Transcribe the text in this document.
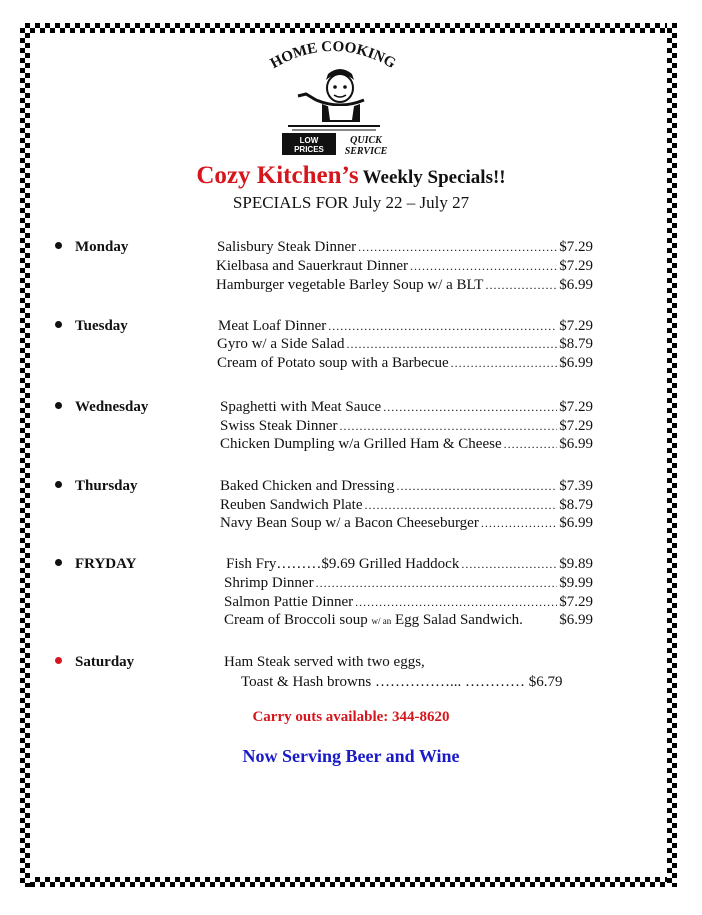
HOME COOKING
LOW
PRICES
QUICK
SERVICE
Cozy Kitchen’s Weekly Specials!!
SPECIALS FOR July 22 – July 27
Monday	Salisbury Steak Dinner .....	$7.29
Kielbasa and Sauerkraut Dinner .....	$7.29
Hamburger vegetable Barley Soup w/ a BLT .....	$6.99
Tuesday	Meat Loaf Dinner .....	$7.29
Gyro w/ a Side Salad .....	$8.79
Cream of Potato soup with a Barbecue .....	$6.99
Wednesday	Spaghetti with Meat Sauce .....	$7.29
Swiss Steak Dinner .....	$7.29
Chicken Dumpling w/a Grilled Ham & Cheese .....	$6.99
Thursday	Baked Chicken and Dressing .....	$7.39
Reuben Sandwich Plate .....	$8.79
Navy Bean Soup w/ a Bacon Cheeseburger .....	$6.99
FRYDAY	Fish Fry………$9.69 Grilled Haddock .....	$9.89
Shrimp Dinner .....	$9.99
Salmon Pattie Dinner .....	$7.29
Cream of Broccoli soup w/ an Egg Salad Sandwich. $6.99
Saturday	Ham Steak served with two eggs,
Toast & Hash browns ……………... ………… $6.79
Carry outs available: 344-8620
Now Serving Beer and Wine
